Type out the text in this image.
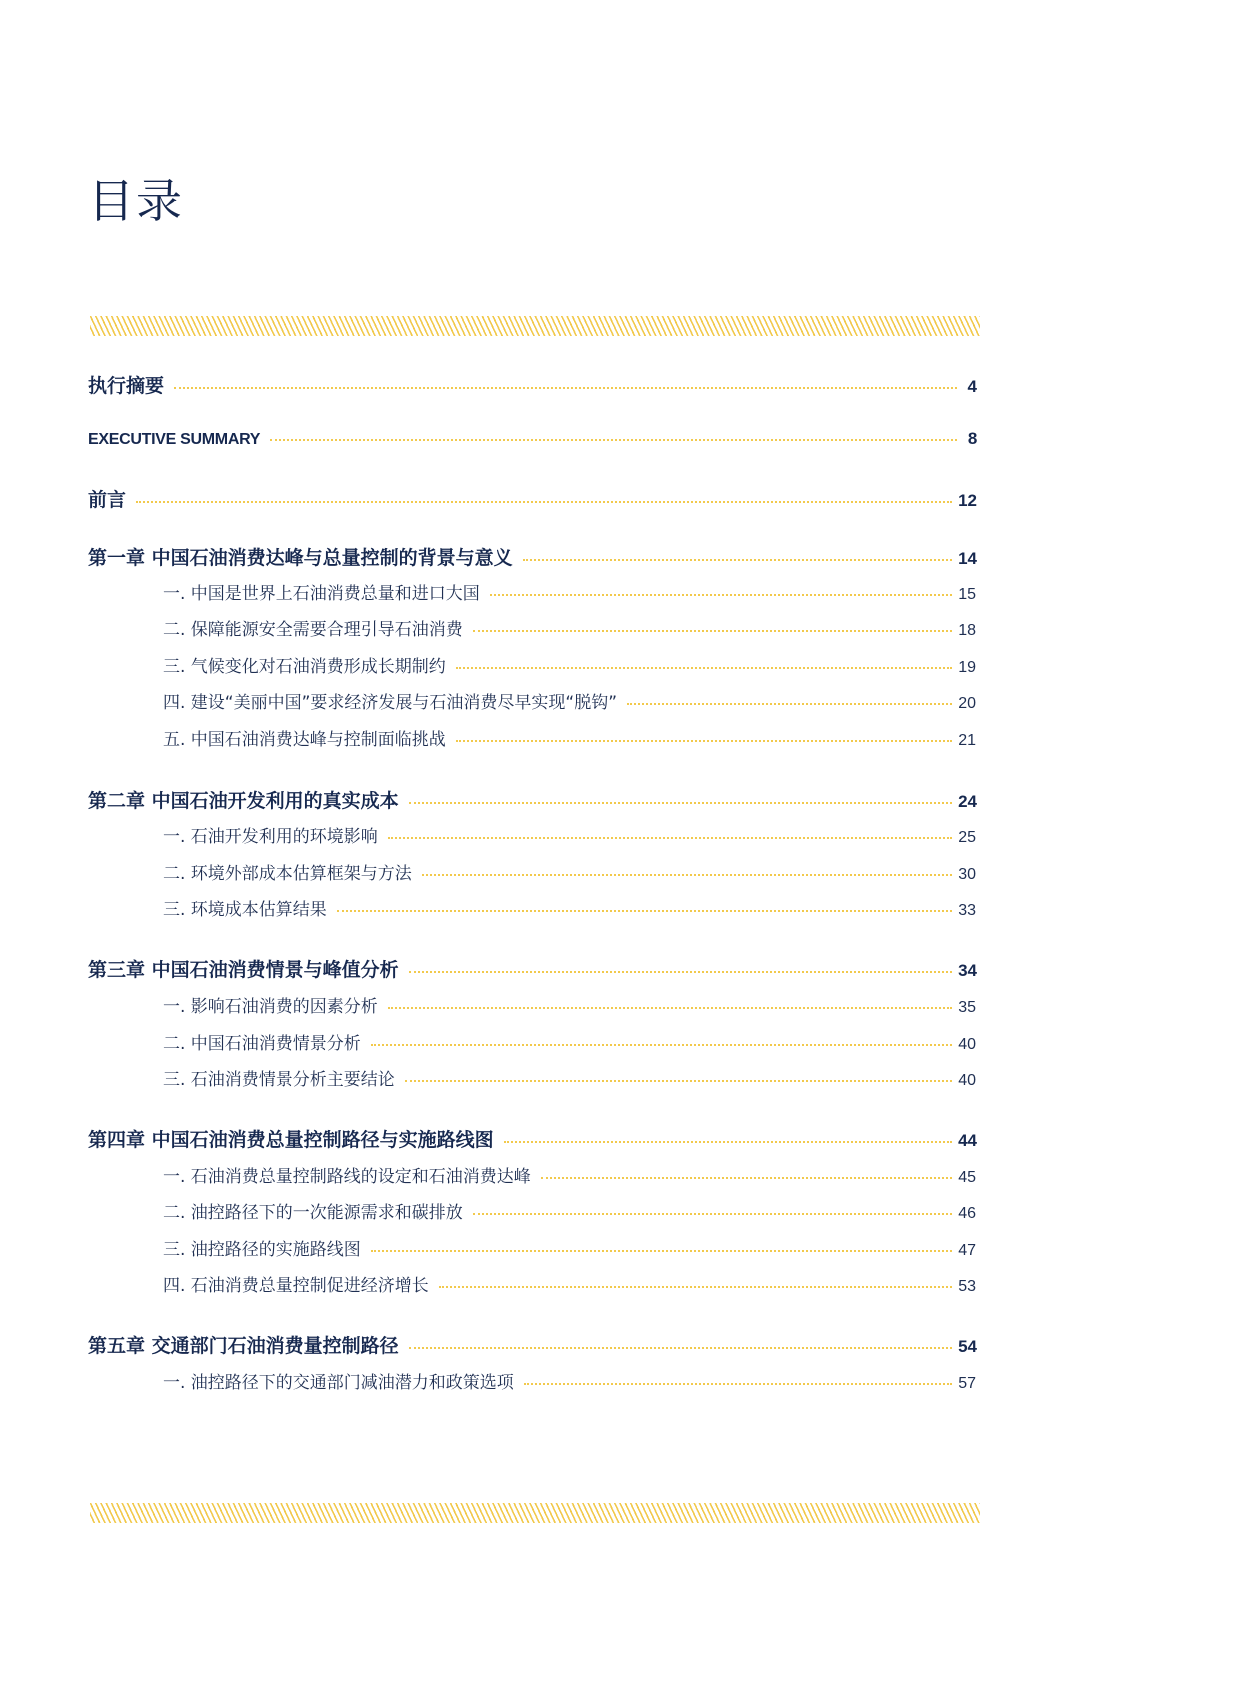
目录
执行摘要	4
EXECUTIVE SUMMARY	8
前言	12
第一章 中国石油消费达峰与总量控制的背景与意义	14
一. 中国是世界上石油消费总量和进口大国	15
二. 保障能源安全需要合理引导石油消费	18
三. 气候变化对石油消费形成长期制约	19
四. 建设“美丽中国”要求经济发展与石油消费尽早实现“脱钩”	20
五. 中国石油消费达峰与控制面临挑战	21
第二章 中国石油开发利用的真实成本	24
一. 石油开发利用的环境影响	25
二. 环境外部成本估算框架与方法	30
三. 环境成本估算结果	33
第三章 中国石油消费情景与峰值分析	34
一. 影响石油消费的因素分析	35
二. 中国石油消费情景分析	40
三. 石油消费情景分析主要结论	40
第四章 中国石油消费总量控制路径与实施路线图	44
一. 石油消费总量控制路线的设定和石油消费达峰	45
二. 油控路径下的一次能源需求和碳排放	46
三. 油控路径的实施路线图	47
四. 石油消费总量控制促进经济增长	53
第五章 交通部门石油消费量控制路径	54
一. 油控路径下的交通部门减油潜力和政策选项	57
